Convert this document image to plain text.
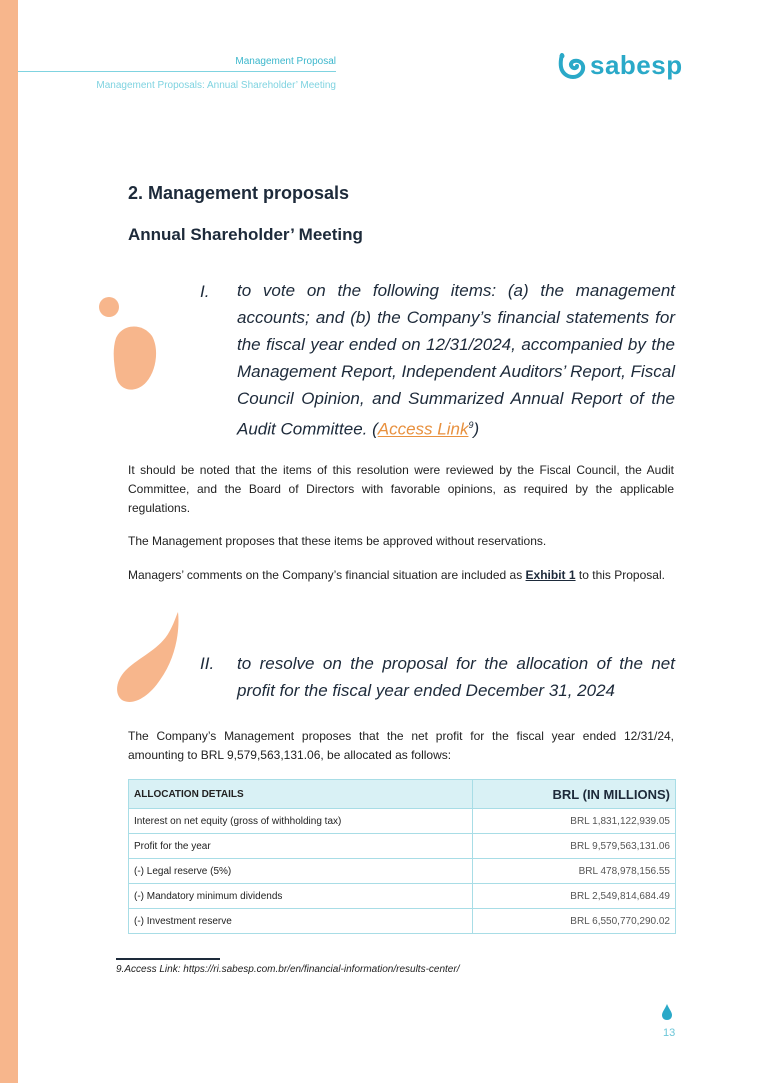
Management Proposal
Management Proposals: Annual Shareholder’ Meeting
sabesp
2. Management proposals
Annual Shareholder’ Meeting
I. to vote on the following items: (a) the management accounts; and (b) the Company’s financial statements for the fiscal year ended on 12/31/2024, accompanied by the Management Report, Independent Auditors’ Report, Fiscal Council Opinion, and Summarized Annual Report of the Audit Committee. (Access Link$^9$)
It should be noted that the items of this resolution were reviewed by the Fiscal Council, the Audit Committee, and the Board of Directors with favorable opinions, as required by the applicable regulations.
The Management proposes that these items be approved without reservations.
Managers’ comments on the Company’s financial situation are included as Exhibit 1 to this Proposal.
II. to resolve on the proposal for the allocation of the net profit for the fiscal year ended December 31, 2024
The Company’s Management proposes that the net profit for the fiscal year ended 12/31/24, amounting to BRL 9,579,563,131.06, be allocated as follows:
ALLOCATION DETAILS	BRL (IN MILLIONS)
Interest on net equity (gross of withholding tax)	BRL 1,831,122,939.05
Profit for the year	BRL 9,579,563,131.06
(-) Legal reserve (5%)	BRL 478,978,156.55
(-) Mandatory minimum dividends	BRL 2,549,814,684.49
(-) Investment reserve	BRL 6,550,770,290.02
9.Access Link: https://ri.sabesp.com.br/en/financial-information/results-center/
13
